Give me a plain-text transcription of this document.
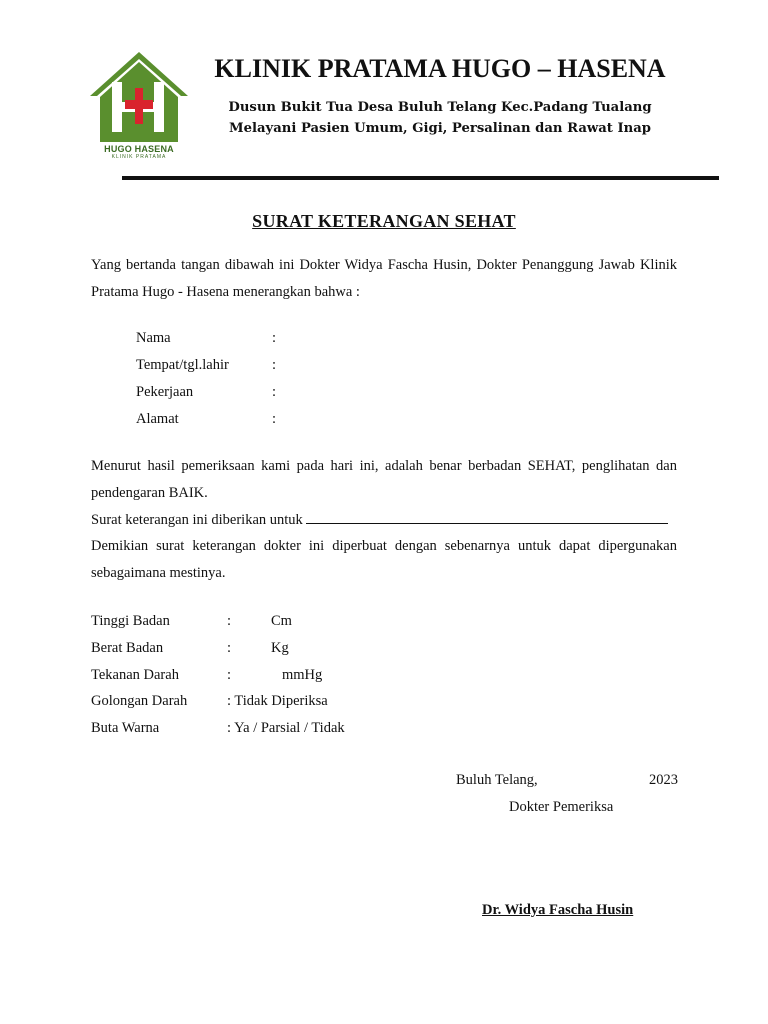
HUGO HASENA
KLINIK PRATAMA
KLINIK PRATAMA HUGO – HASENA
Dusun Bukit Tua Desa Buluh Telang Kec.Padang Tualang
Melayani Pasien Umum, Gigi, Persalinan dan Rawat Inap
SURAT KETERANGAN SEHAT
Yang bertanda tangan dibawah ini Dokter Widya Fascha Husin, Dokter Penanggung Jawab Klinik Pratama Hugo - Hasena menerangkan bahwa :
Nama	:
Tempat/tgl.lahir	:
Pekerjaan	:
Alamat	:
Menurut hasil pemeriksaan kami pada hari ini, adalah benar berbadan SEHAT, penglihatan dan pendengaran BAIK.
Surat keterangan ini diberikan untuk
Demikian surat keterangan dokter ini diperbuat dengan sebenarnya untuk dapat dipergunakan sebagaimana mestinya.
Tinggi Badan	:	Cm
Berat Badan	:	Kg
Tekanan Darah	:	mmHg
Golongan Darah	: Tidak Diperiksa
Buta Warna	: Ya / Parsial / Tidak
Buluh Telang,	2023
Dokter Pemeriksa
Dr. Widya Fascha Husin
